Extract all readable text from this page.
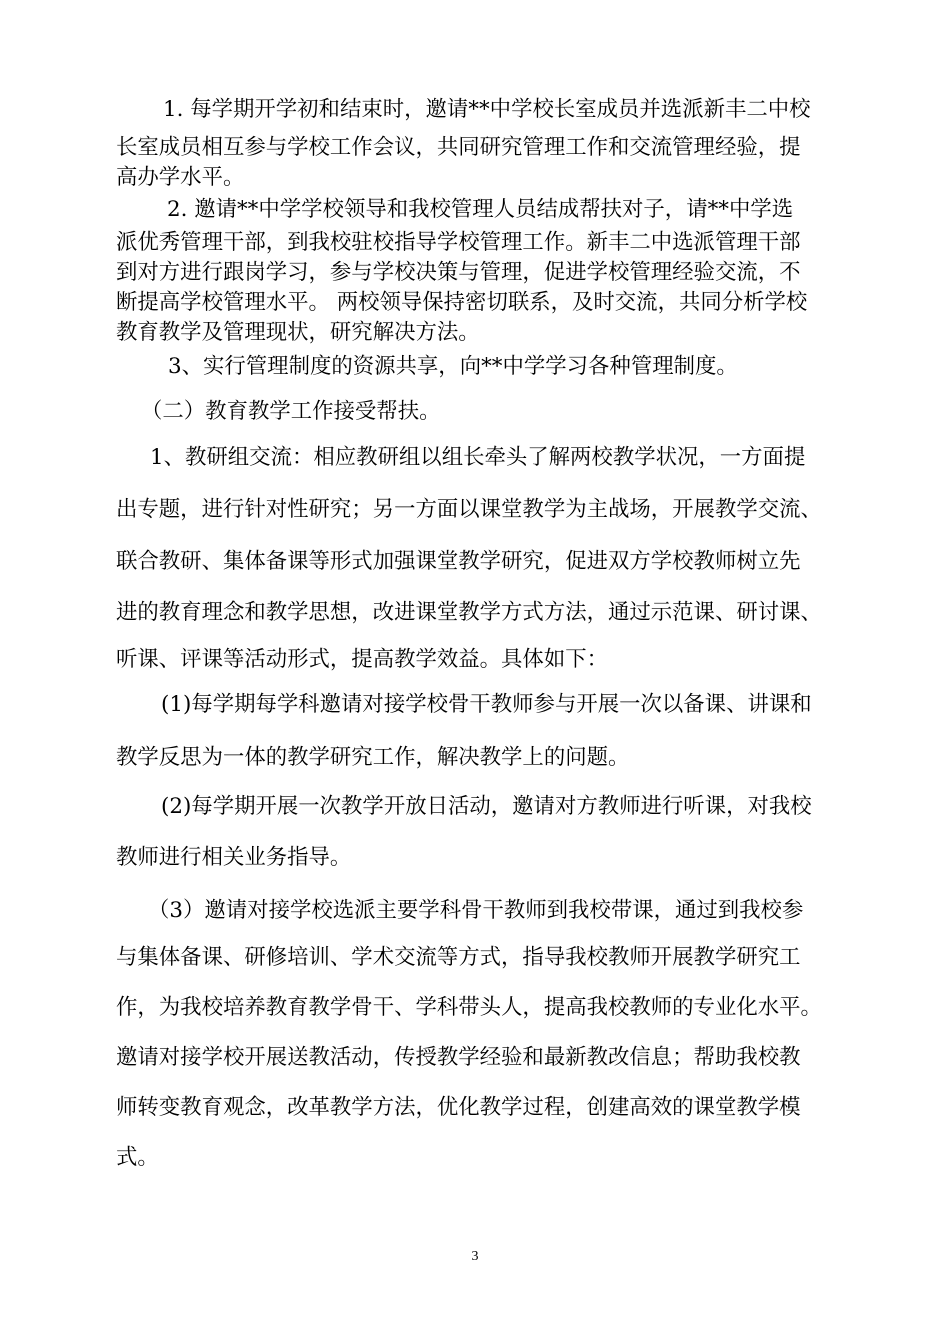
1. 每学期开学初和结束时，邀请**中学校长室成员并选派新丰二中校
长室成员相互参与学校工作会议，共同研究管理工作和交流管理经验，提
高办学水平。
2. 邀请**中学学校领导和我校管理人员结成帮扶对子，请**中学选
派优秀管理干部，到我校驻校指导学校管理工作。新丰二中选派管理干部
到对方进行跟岗学习，参与学校决策与管理，促进学校管理经验交流，不
断提高学校管理水平。 两校领导保持密切联系，及时交流，共同分析学校
教育教学及管理现状，研究解决方法。
3、实行管理制度的资源共享，向**中学学习各种管理制度。
（二）教育教学工作接受帮扶。
1、教研组交流：相应教研组以组长牵头了解两校教学状况，一方面提
出专题，进行针对性研究；另一方面以课堂教学为主战场，开展教学交流、
联合教研、集体备课等形式加强课堂教学研究，促进双方学校教师树立先
进的教育理念和教学思想，改进课堂教学方式方法，通过示范课、研讨课、
听课、评课等活动形式，提高教学效益。具体如下：
(1)每学期每学科邀请对接学校骨干教师参与开展一次以备课、讲课和
教学反思为一体的教学研究工作，解决教学上的问题。
(2)每学期开展一次教学开放日活动，邀请对方教师进行听课，对我校
教师进行相关业务指导。
（3）邀请对接学校选派主要学科骨干教师到我校带课，通过到我校参
与集体备课、研修培训、学术交流等方式，指导我校教师开展教学研究工
作，为我校培养教育教学骨干、学科带头人，提高我校教师的专业化水平。
邀请对接学校开展送教活动，传授教学经验和最新教改信息；帮助我校教
师转变教育观念，改革教学方法，优化教学过程，创建高效的课堂教学模
式。
3
